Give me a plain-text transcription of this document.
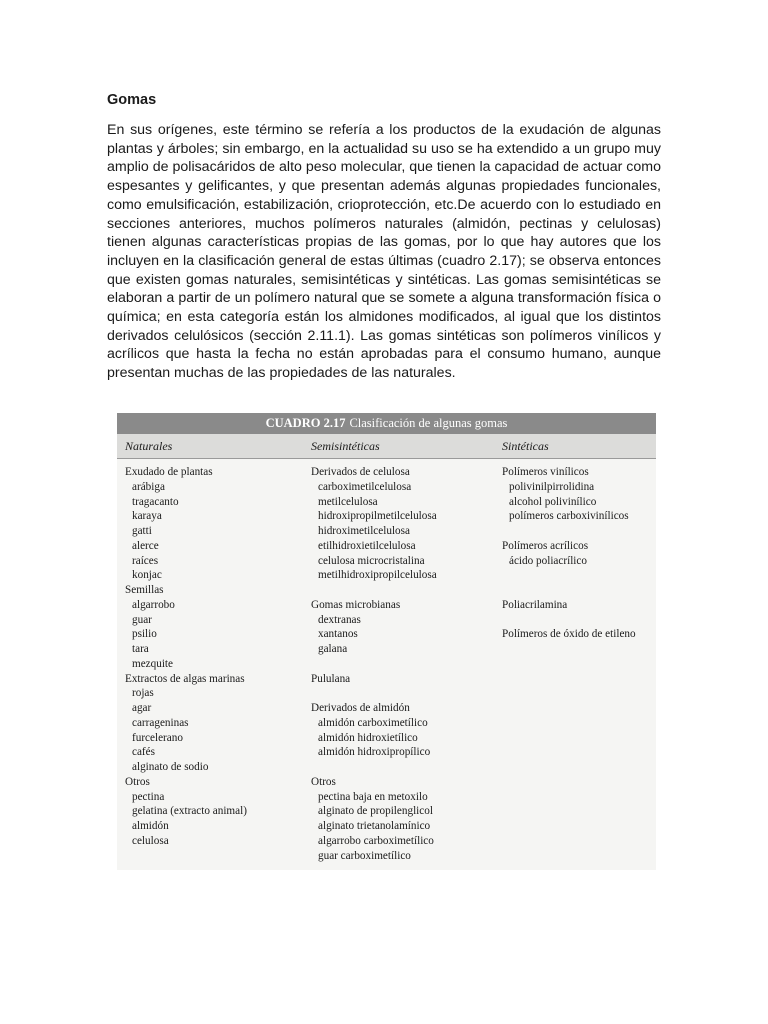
Gomas

En sus orígenes, este término se refería a los productos de la exudación de algunas plantas y árboles; sin embargo, en la actualidad su uso se ha extendido a un grupo muy amplio de polisacáridos de alto peso molecular, que tienen la capacidad de actuar como espesantes y gelificantes, y que presentan además algunas propiedades funcionales, como emulsificación, estabilización, crioprotección, etc.De acuerdo con lo estudiado en secciones anteriores, muchos polímeros naturales (almidón, pectinas y celulosas) tienen algunas características propias de las gomas, por lo que hay autores que los incluyen en la clasificación general de estas últimas (cuadro 2.17); se observa entonces que existen gomas naturales, semisintéticas y sintéticas. Las gomas semisintéticas se elaboran a partir de un polímero natural que se somete a alguna transformación física o química; en esta categoría están los almidones modificados, al igual que los distintos derivados celulósicos (sección 2.11.1). Las gomas sintéticas son polímeros vinílicos y acrílicos que hasta la fecha no están aprobadas para el consumo humano, aunque presentan muchas de las propiedades de las naturales.

CUADRO 2.17 Clasificación de algunas gomas
Naturales	Semisintéticas	Sintéticas
Exudado de plantas
arábiga
tragacanto
karaya
gatti
alerce
raíces
konjac
Semillas
algarrobo
guar
psilio
tara
mezquite
Extractos de algas marinas
rojas
agar
carrageninas
furcelerano
cafés
alginato de sodio
Otros
pectina
gelatina (extracto animal)
almidón
celulosa
Derivados de celulosa
carboximetilcelulosa
metilcelulosa
hidroxipropilmetilcelulosa
hidroximetilcelulosa
etilhidroxietilcelulosa
celulosa microcristalina
metilhidroxipropilcelulosa
Gomas microbianas
dextranas
xantanos
galana
Pululana
Derivados de almidón
almidón carboximetílico
almidón hidroxietílico
almidón hidroxipropílico
Otros
pectina baja en metoxilo
alginato de propilenglicol
alginato trietanolamínico
algarrobo carboximetílico
guar carboximetílico
Polímeros vinílicos
polivinilpirrolidina
alcohol polivinílico
polímeros carboxivinílicos
Polímeros acrílicos
ácido poliacrílico
Poliacrilamina
Polímeros de óxido de etileno
